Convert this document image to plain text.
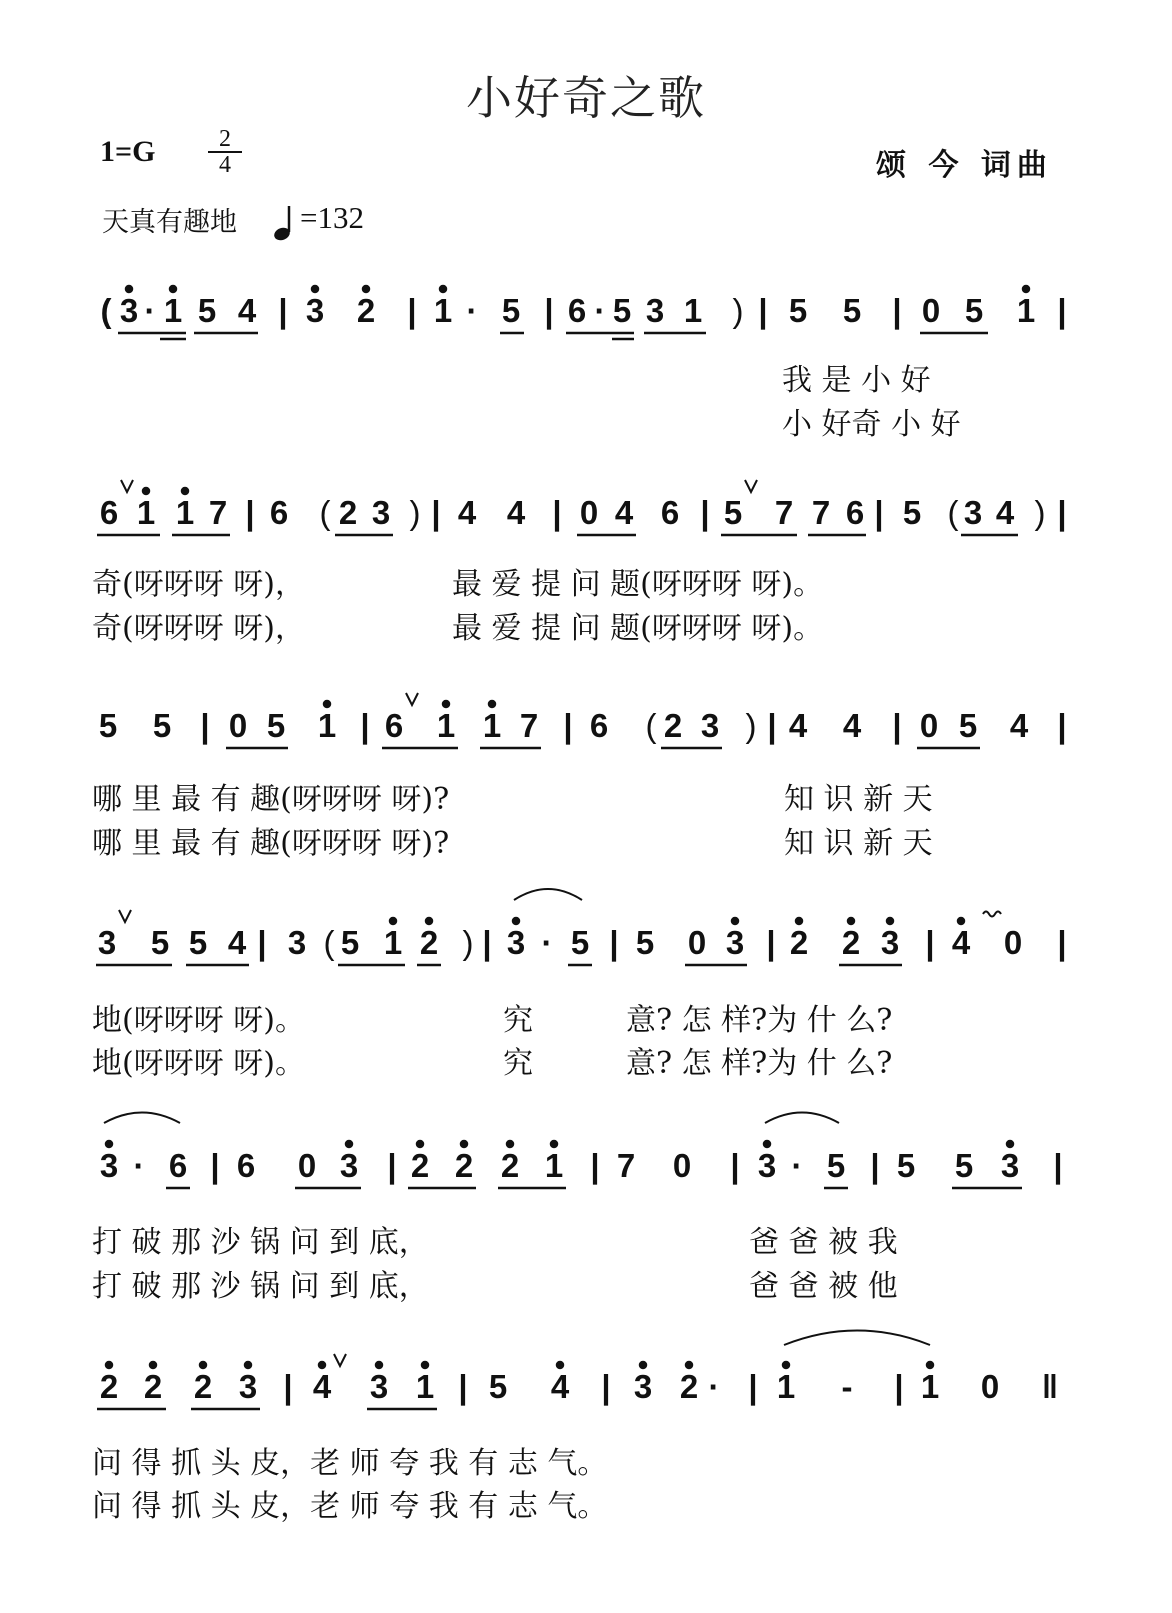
小好奇之歌
1=G	2
4	颂 今 词曲
天真有趣地 =132
( 3 · 1 5 4 | 3 2 | 1 · 5 | 6 · 5 3 1 ) | 5 5 | 0 5 1 |
我 是 小 好
小 好奇 小 好
6 1 1 7 | 6 ( 2 3 ) | 4 4 | 0 4 6 | 5 7 7 6 | 5 ( 3 4 ) |
奇(呀呀呀 呀)，
奇(呀呀呀 呀)，
最 爱 提 问 题(呀呀呀 呀)。
最 爱 提 问 题(呀呀呀 呀)。
5 5 | 0 5 1 | 6 1 1 7 | 6 ( 2 3 ) | 4 4 | 0 5 4 |
哪 里 最 有 趣(呀呀呀 呀)?
哪 里 最 有 趣(呀呀呀 呀)?
知 识 新 天
知 识 新 天
3 5 5 4 | 3 ( 5 1 2 ) | 3 · 5 | 5 0 3 | 2 2 3 | 4 0 |
地(呀呀呀 呀)。
地(呀呀呀 呀)。
究
究
意? 怎 样?为 什 么?
意? 怎 样?为 什 么?
3 · 6 | 6 0 3 | 2 2 2 1 | 7 0 | 3 · 5 | 5 5 3 |
打 破 那 沙 锅 问 到 底，
打 破 那 沙 锅 问 到 底，
爸 爸 被 我
爸 爸 被 他
2 2 2 3 | 4 3 1 | 5 4 | 3 2 · | 1 - | 1 0 ‖
问 得 抓 头 皮，老 师 夸 我 有 志 气。
问 得 抓 头 皮，老 师 夸 我 有 志 气。
